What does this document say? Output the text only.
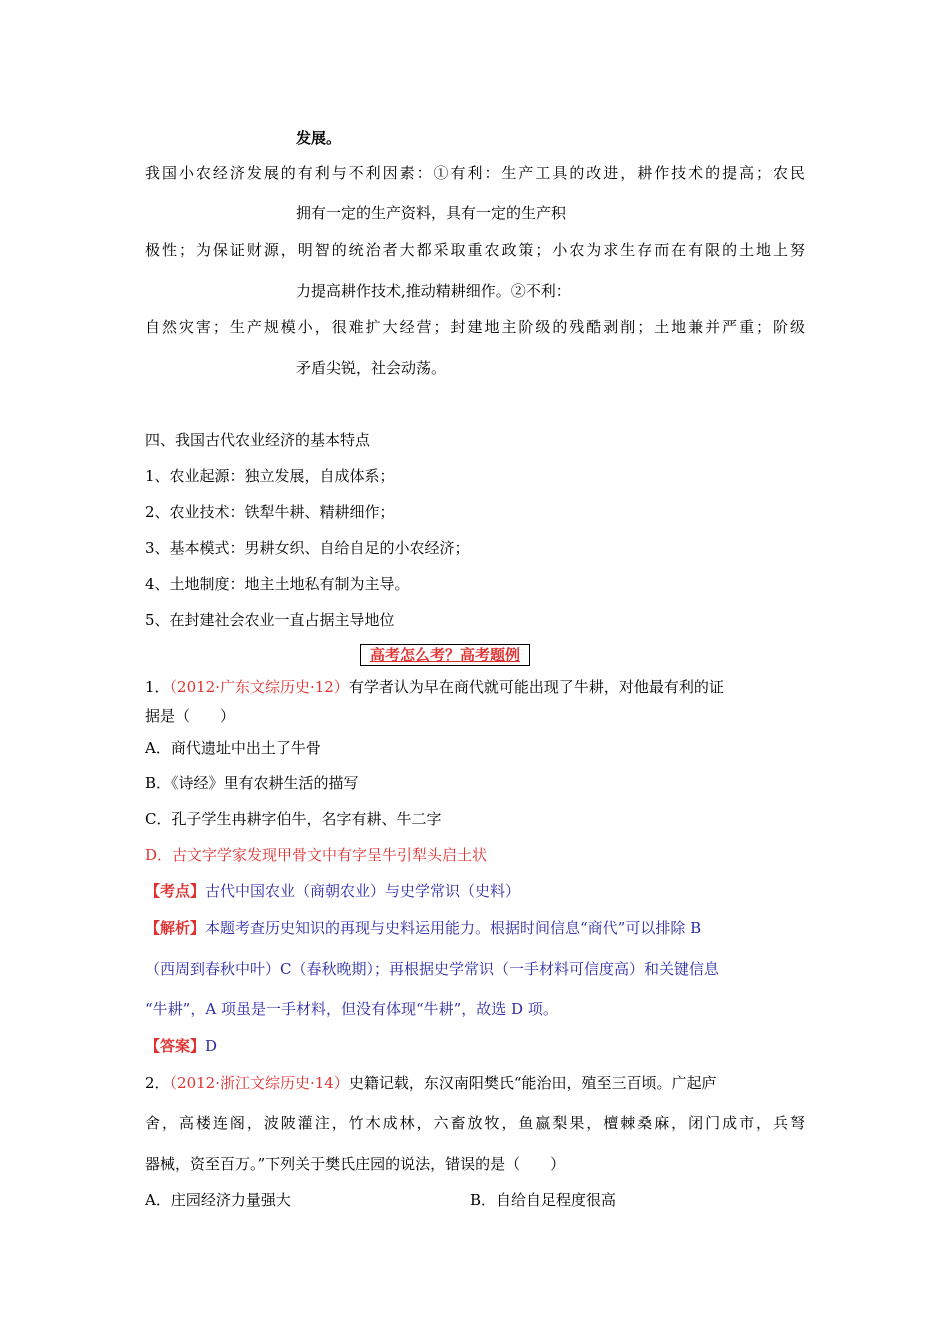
发展。
我国小农经济发展的有利与不利因素：①有利：生产工具的改进，耕作技术的提高；农民
拥有一定的生产资料，具有一定的生产积
极性；为保证财源，明智的统治者大都采取重农政策；小农为求生存而在有限的土地上努
力提高耕作技术,推动精耕细作。②不利：
自然灾害；生产规模小，很难扩大经营；封建地主阶级的残酷剥削；土地兼并严重；阶级
矛盾尖锐，社会动荡。
四、我国古代农业经济的基本特点
1、农业起源：独立发展，自成体系；
2、农业技术：铁犁牛耕、精耕细作；
3、基本模式：男耕女织、自给自足的小农经济；
4、土地制度：地主土地私有制为主导。
5、在封建社会农业一直占据主导地位
高考怎么考？高考题例
1．（2012·广东文综历史·12）有学者认为早在商代就可能出现了牛耕，对他最有利的证
据是（　　）
A．商代遗址中出土了牛骨
B．《诗经》里有农耕生活的描写
C．孔子学生冉耕字伯牛，名字有耕、牛二字
D．古文字学家发现甲骨文中有字呈牛引犁头启土状
【考点】古代中国农业（商朝农业）与史学常识（史料）
【解析】本题考查历史知识的再现与史料运用能力。根据时间信息“商代”可以排除 B
（西周到春秋中叶）C（春秋晚期）；再根据史学常识（一手材料可信度高）和关键信息
“牛耕”，A 项虽是一手材料，但没有体现“牛耕”，故选 D 项。
【答案】D
2．（2012·浙江文综历史·14）史籍记载，东汉南阳樊氏“能治田，殖至三百顷。广起庐
舍，高楼连阁，波陂灌注，竹木成林，六畜放牧，鱼嬴梨果，檀棘桑麻，闭门成市，兵弩
器械，资至百万。”下列关于樊氏庄园的说法，错误的是（　　）
A．庄园经济力量强大	B．自给自足程度很高
